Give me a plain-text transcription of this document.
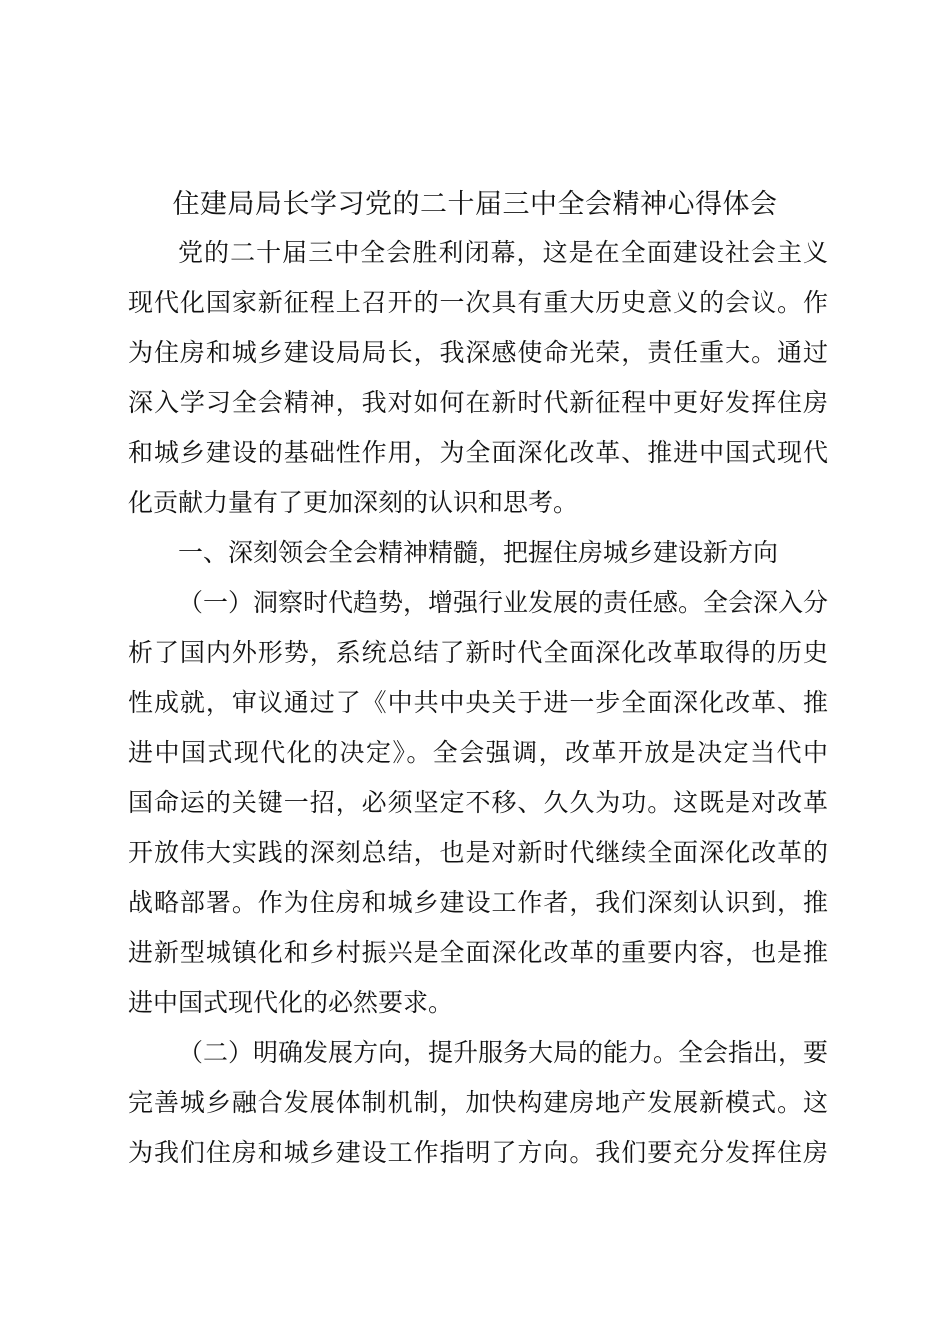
住建局局长学习党的二十届三中全会精神心得体会
党的二十届三中全会胜利闭幕，这是在全面建设社会主义
现代化国家新征程上召开的一次具有重大历史意义的会议。作
为住房和城乡建设局局长，我深感使命光荣，责任重大。通过
深入学习全会精神，我对如何在新时代新征程中更好发挥住房
和城乡建设的基础性作用，为全面深化改革、推进中国式现代
化贡献力量有了更加深刻的认识和思考。
一、深刻领会全会精神精髓，把握住房城乡建设新方向
（一）洞察时代趋势，增强行业发展的责任感。全会深入分
析了国内外形势，系统总结了新时代全面深化改革取得的历史
性成就，审议通过了《中共中央关于进一步全面深化改革、推
进中国式现代化的决定》。全会强调，改革开放是决定当代中
国命运的关键一招，必须坚定不移、久久为功。这既是对改革
开放伟大实践的深刻总结，也是对新时代继续全面深化改革的
战略部署。作为住房和城乡建设工作者，我们深刻认识到，推
进新型城镇化和乡村振兴是全面深化改革的重要内容，也是推
进中国式现代化的必然要求。
（二）明确发展方向，提升服务大局的能力。全会指出，要
完善城乡融合发展体制机制，加快构建房地产发展新模式。这
为我们住房和城乡建设工作指明了方向。我们要充分发挥住房
